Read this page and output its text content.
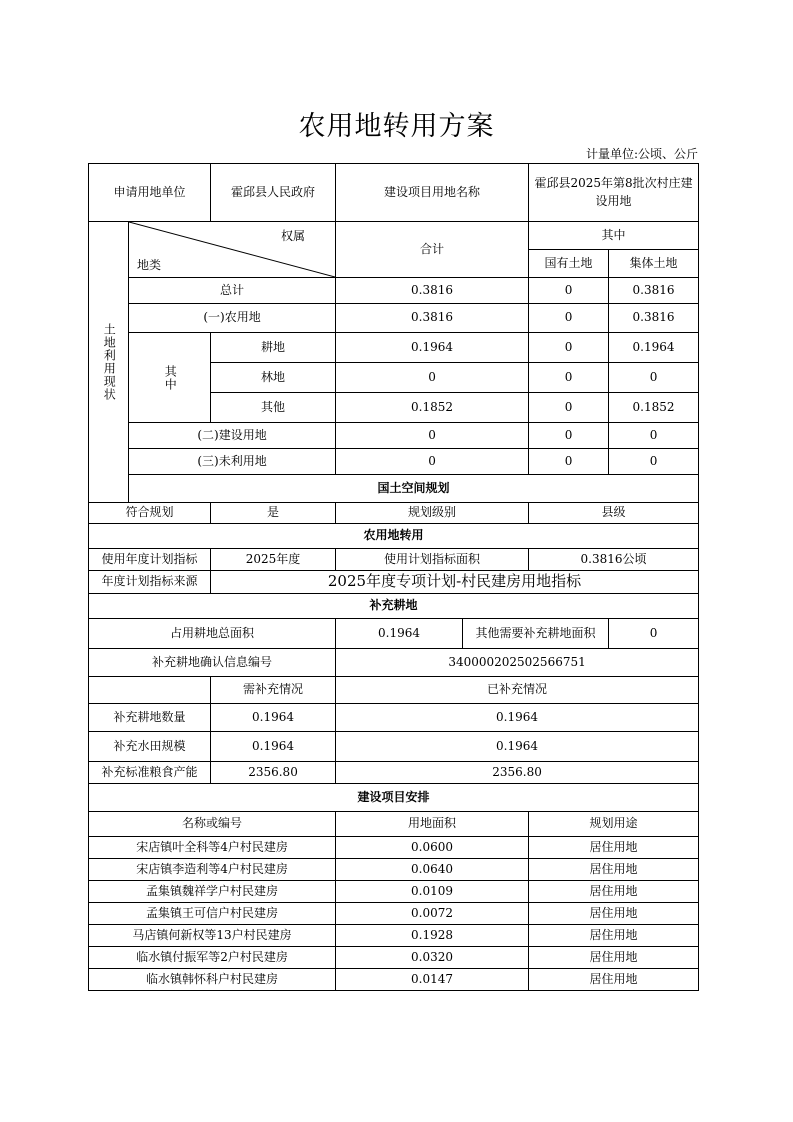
农用地转用方案
计量单位:公顷、公斤
申请用地单位		霍邱县人民政府	建设项目用地名称		霍邱县2025年第8批次村庄建设用地	

土地利用现状	权属
地类		合计		其中	
					国有土地	集体土地
	总计		0.3816		0	0.3816
	(一)农用地		0.3816		0	0.3816

	其中	耕地	0.1964		0	0.1964
		林地	0		0	0
		其他	0.1852		0	0.1852
	(二)建设用地		0		0	0
	(三)未利用地		0		0	0
	国土空间规划					
符合规划		是	规划级别		县级	
农用地转用						
使用年度计划指标		2025年度	使用计划指标面积		0.3816公顷	
年度计划指标来源		2025年度专项计划-村民建房用地指标				
补充耕地						
占用耕地总面积			0.1964	其他需要补充耕地面积		0
补充耕地确认信息编号			340000202502566751			
		需补充情况	已补充情况			
补充耕地数量		0.1964	0.1964			
补充水田规模		0.1964	0.1964			
补充标准粮食产能		2356.80	2356.80			
建设项目安排						
名称或编号			用地面积		规划用途	
宋店镇叶全科等4户村民建房			0.0600		居住用地	
宋店镇李造利等4户村民建房			0.0640		居住用地	
孟集镇魏祥学户村民建房			0.0109		居住用地	
孟集镇王可信户村民建房			0.0072		居住用地	
马店镇何新权等13户村民建房			0.1928		居住用地	
临水镇付振军等2户村民建房			0.0320		居住用地	
临水镇韩怀科户村民建房			0.0147		居住用地	
